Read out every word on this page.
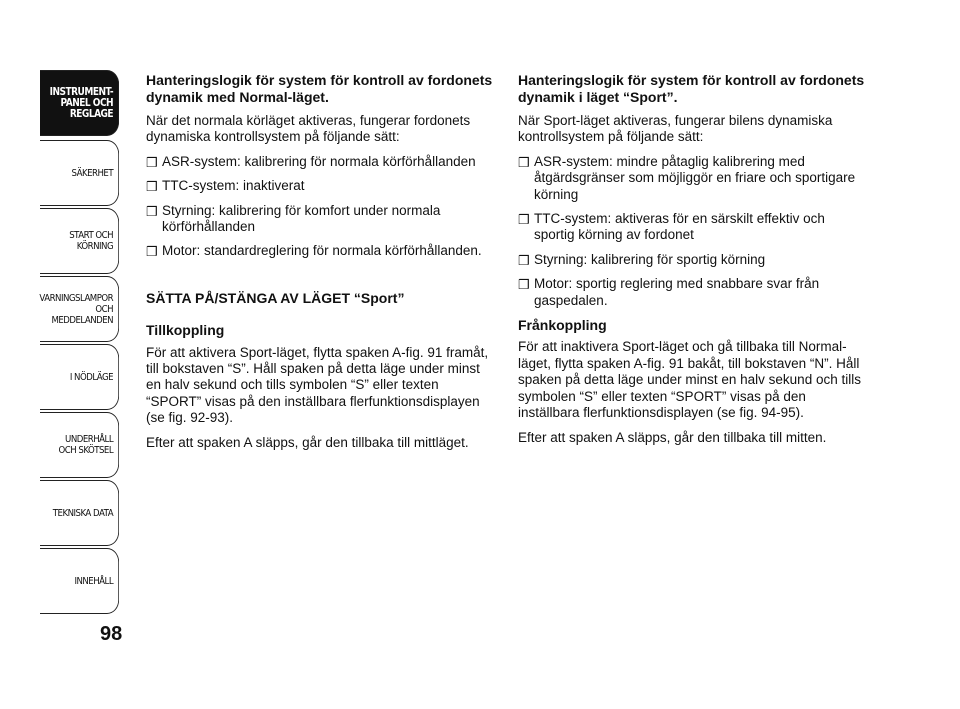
INSTRUMENT-
PANEL OCH
REGLAGE
SÄKERHET
START OCH
KÖRNING
VARNINGSLAMPOR
OCH
MEDDELANDEN
I NÖDLÄGE
UNDERHÅLL
OCH SKÖTSEL
TEKNISKA DATA
INNEHÅLL
98
Hanteringslogik för system för kontroll av fordonets dynamik med Normal-läget.

När det normala körläget aktiveras, fungerar fordonets dynamiska kontrollsystem på följande sätt:

❒ ASR-system: kalibrering för normala körförhållanden
❒ TTC-system: inaktiverat
❒ Styrning: kalibrering för komfort under normala körförhållanden
❒ Motor: standardreglering för normala körförhållanden.
SÄTTA PÅ/STÄNGA AV LÄGET “Sport”
Tillkoppling

För att aktivera Sport-läget, flytta spaken A-fig. 91 framåt, till bokstaven “S”. Håll spaken på detta läge under minst en halv sekund och tills symbolen “S” eller texten “SPORT” visas på den inställbara flerfunktionsdisplayen (se fig. 92-93).

Efter att spaken A släpps, går den tillbaka till mittläget.

Hanteringslogik för system för kontroll av fordonets dynamik i läget “Sport”.

När Sport-läget aktiveras, fungerar bilens dynamiska kontrollsystem på följande sätt:

❒ ASR-system: mindre påtaglig kalibrering med åtgärdsgränser som möjliggör en friare och sportigare körning
❒ TTC-system: aktiveras för en särskilt effektiv och sportig körning av fordonet
❒ Styrning: kalibrering för sportig körning
❒ Motor: sportig reglering med snabbare svar från gaspedalen.
Frånkoppling

För att inaktivera Sport-läget och gå tillbaka till Normal-läget, flytta spaken A-fig. 91 bakåt, till bokstaven “N”. Håll spaken på detta läge under minst en halv sekund och tills symbolen “S” eller texten “SPORT” visas på den inställbara flerfunktionsdisplayen (se fig. 94-95).

Efter att spaken A släpps, går den tillbaka till mitten.
